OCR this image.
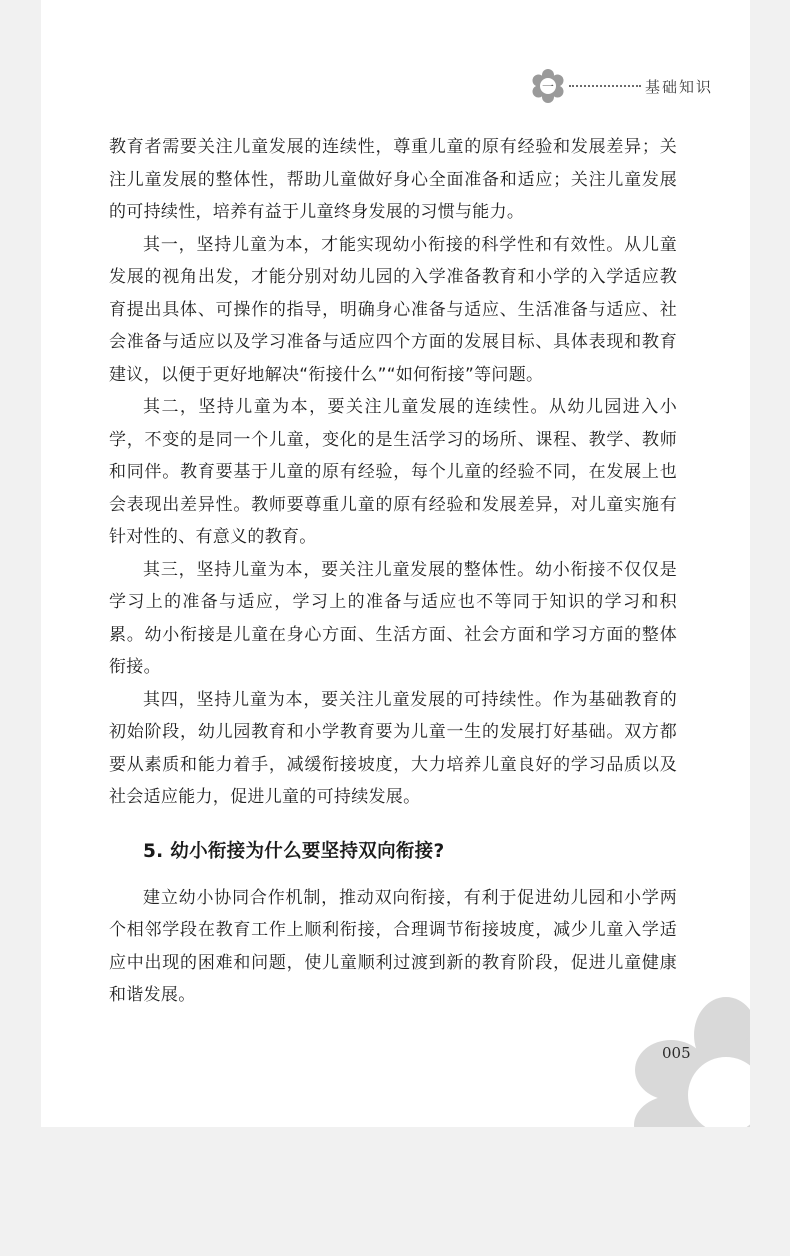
一	基础知识

教育者需要关注儿童发展的连续性，尊重儿童的原有经验和发展差异；关注儿童发展的整体性，帮助儿童做好身心全面准备和适应；关注儿童发展的可持续性，培养有益于儿童终身发展的习惯与能力。

其一，坚持儿童为本，才能实现幼小衔接的科学性和有效性。从儿童发展的视角出发，才能分别对幼儿园的入学准备教育和小学的入学适应教育提出具体、可操作的指导，明确身心准备与适应、生活准备与适应、社会准备与适应以及学习准备与适应四个方面的发展目标、具体表现和教育建议，以便于更好地解决“衔接什么”“如何衔接”等问题。

其二，坚持儿童为本，要关注儿童发展的连续性。从幼儿园进入小学，不变的是同一个儿童，变化的是生活学习的场所、课程、教学、教师和同伴。教育要基于儿童的原有经验，每个儿童的经验不同，在发展上也会表现出差异性。教师要尊重儿童的原有经验和发展差异，对儿童实施有针对性的、有意义的教育。

其三，坚持儿童为本，要关注儿童发展的整体性。幼小衔接不仅仅是学习上的准备与适应，学习上的准备与适应也不等同于知识的学习和积累。幼小衔接是儿童在身心方面、生活方面、社会方面和学习方面的整体衔接。

其四，坚持儿童为本，要关注儿童发展的可持续性。作为基础教育的初始阶段，幼儿园教育和小学教育要为儿童一生的发展打好基础。双方都要从素质和能力着手，减缓衔接坡度，大力培养儿童良好的学习品质以及社会适应能力，促进儿童的可持续发展。

5. 幼小衔接为什么要坚持双向衔接?

建立幼小协同合作机制，推动双向衔接，有利于促进幼儿园和小学两个相邻学段在教育工作上顺利衔接，合理调节衔接坡度，减少儿童入学适应中出现的困难和问题，使儿童顺利过渡到新的教育阶段，促进儿童健康和谐发展。

005
